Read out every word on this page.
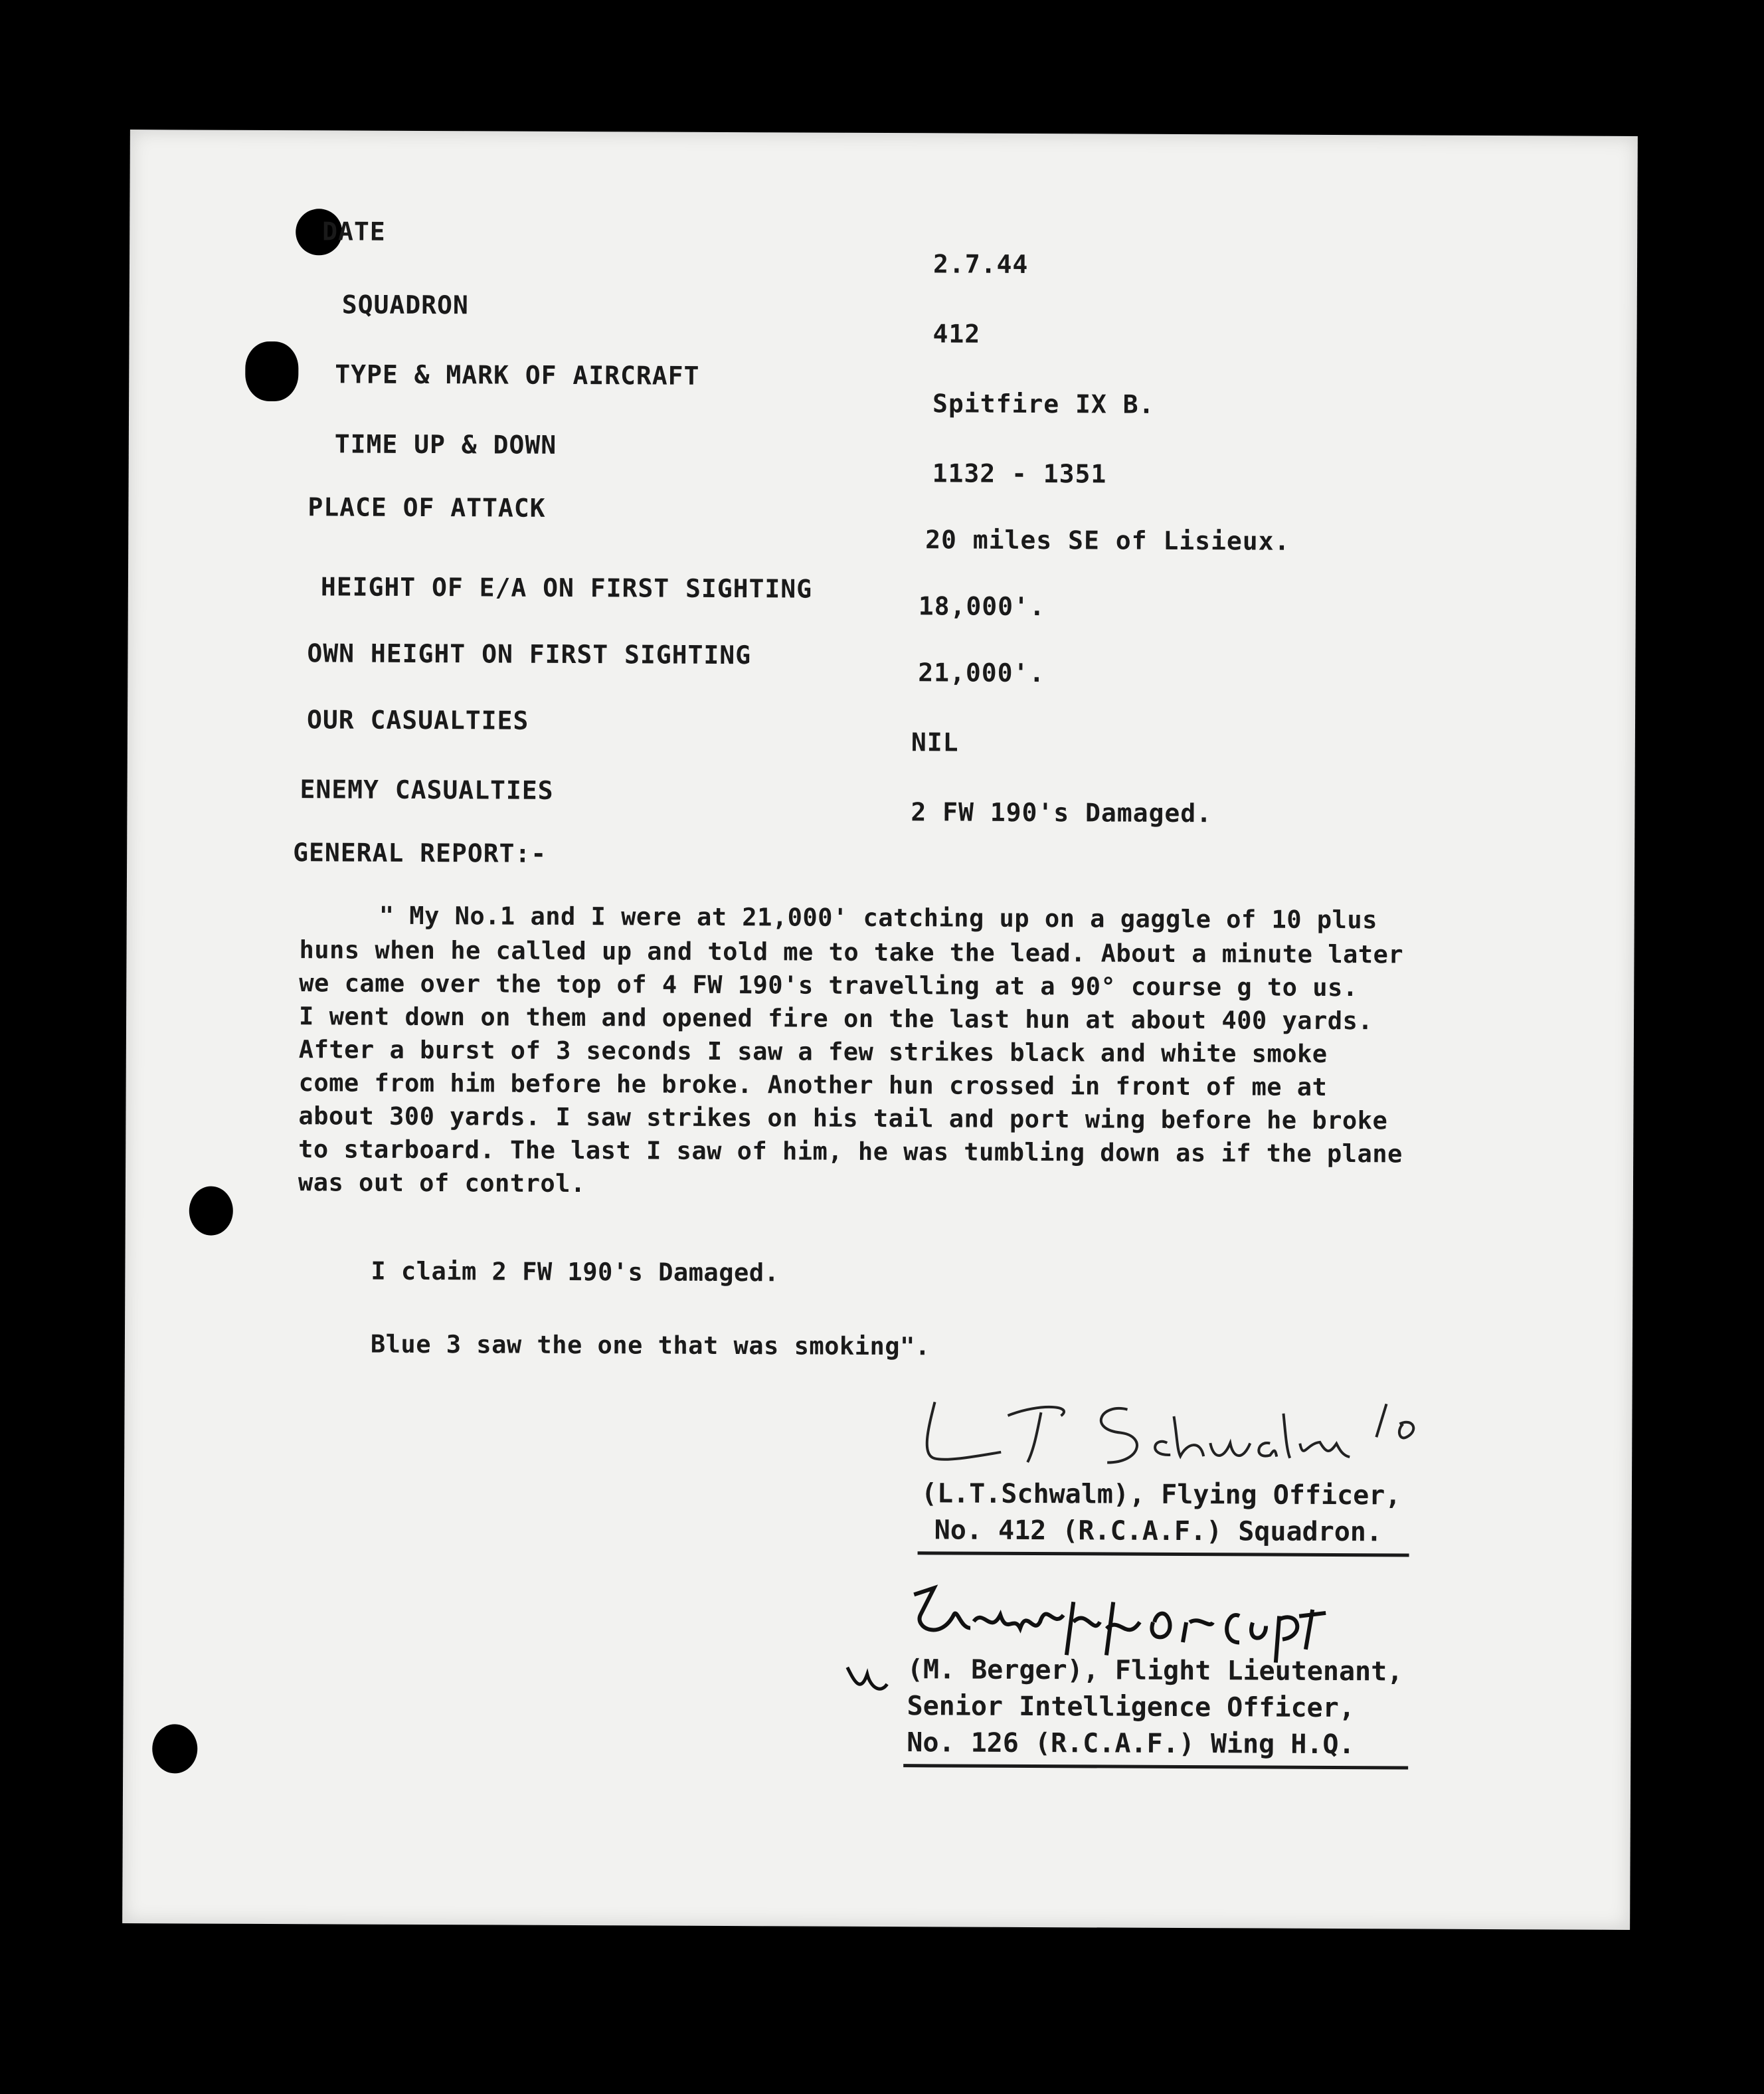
DATE
2.7.44
SQUADRON
412
TYPE & MARK OF AIRCRAFT
Spitfire IX B.
TIME UP & DOWN
1132 - 1351
PLACE OF ATTACK
20 miles SE of Lisieux.
HEIGHT OF E/A ON FIRST SIGHTING
18,000'.
OWN HEIGHT ON FIRST SIGHTING
21,000'.
OUR CASUALTIES
NIL
ENEMY CASUALTIES
2 FW 190's Damaged.
GENERAL REPORT:-
" My No.1 and I were at 21,000' catching up on a gaggle of 10 plus
huns when he called up and told me to take the lead. About a minute later
we came over the top of 4 FW 190's travelling at a 90° course g to us.
I went down on them and opened fire on the last hun at about 400 yards.
After a burst of 3 seconds I saw a few strikes black and white smoke
come from him before he broke. Another hun crossed in front of me at
about 300 yards. I saw strikes on his tail and port wing before he broke
to starboard. The last I saw of him, he was tumbling down as if the plane
was out of control.
I claim 2 FW 190's Damaged.
Blue 3 saw the one that was smoking".
(L.T.Schwalm), Flying Officer,
No. 412 (R.C.A.F.) Squadron.
(M. Berger), Flight Lieutenant,
Senior Intelligence Officer,
No. 126 (R.C.A.F.) Wing H.Q.
